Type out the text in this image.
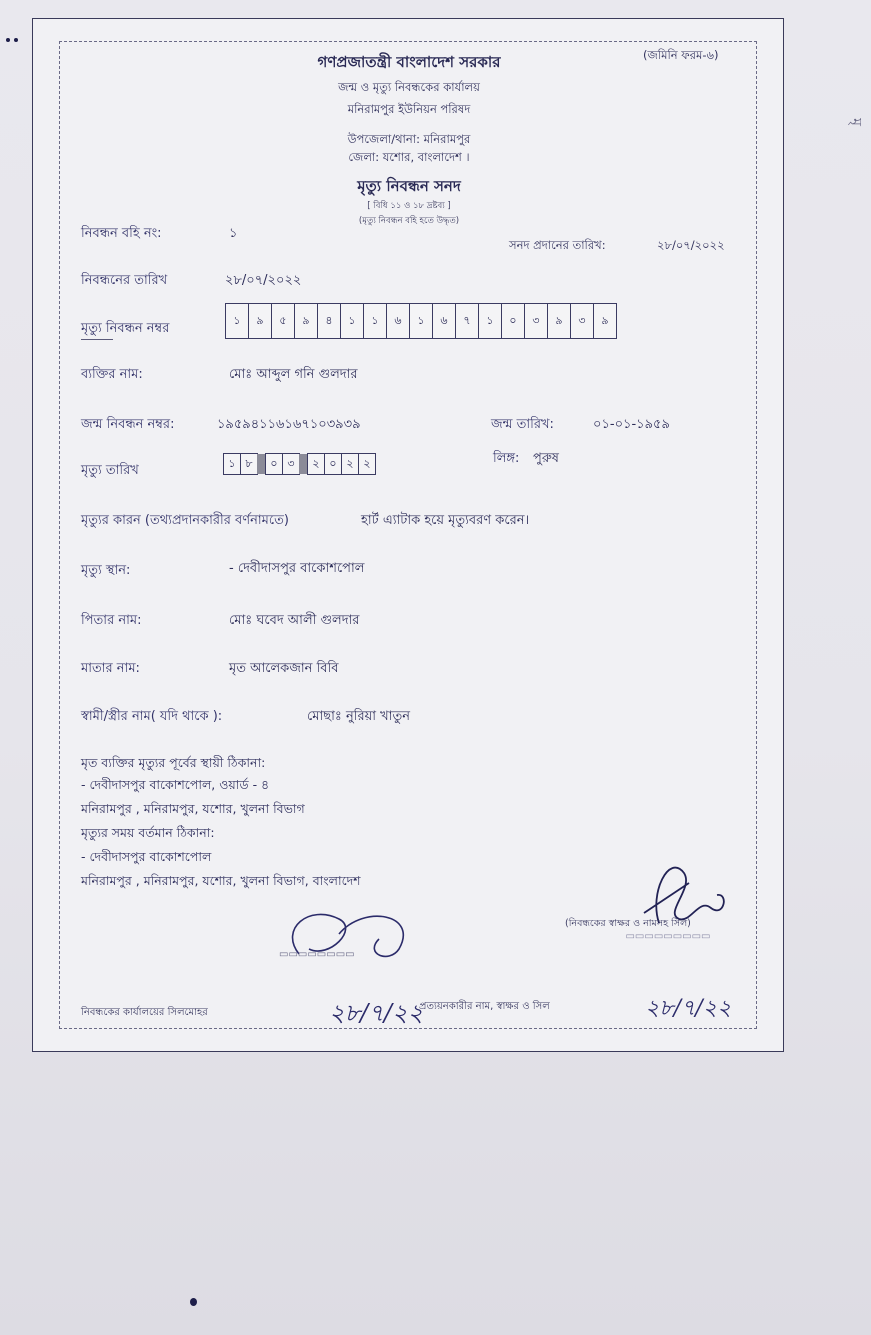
(জমিনি ফরম-৬)
গণপ্রজাতন্ত্রী বাংলাদেশ সরকার
জন্ম ও মৃত্যু নিবন্ধকের কার্যালয়
মনিরামপুর ইউনিয়ন পরিষদ
উপজেলা/থানা: মনিরামপুর
জেলা: যশোর, বাংলাদেশ ।
মৃত্যু নিবন্ধন সনদ
[ বিধি ১১ ও ১৮ দ্রষ্টব্য ]
(মৃত্যু নিবন্ধন বহি হতে উদ্ধৃত)
নিবন্ধন বহি নং:	১
সনদ প্রদানের তারিখ:	২৮/০৭/২০২২
নিবন্ধনের তারিখ	২৮/০৭/২০২২
মৃত্যু নিবন্ধন নম্বর
১	৯	৫	৯	৪	১	১	৬	১	৬	৭	১	০	৩	৯	৩	৯
ব্যক্তির নাম:	মোঃ আব্দুল গনি গুলদার
জন্ম নিবন্ধন নম্বর:	১৯৫৯৪১১৬১৬৭১০৩৯৩৯	জন্ম তারিখ:	০১-০১-১৯৫৯
মৃত্যু তারিখ	১ ৮	০ ৩	২ ০ ২ ২	লিঙ্গ: পুরুষ
মৃত্যুর কারন (তথ্যপ্রদানকারীর বর্ণনামতে)	হার্ট এ্যাটাক হয়ে মৃত্যুবরণ করেন।
মৃত্যু স্থান:	- দেবীদাসপুর বাকোশপোল
পিতার নাম:	মোঃ ঘবেদ আলী গুলদার
মাতার নাম:	মৃত আলেকজান বিবি
স্বামী/স্ত্রীর নাম( যদি থাকে ):	মোছাঃ নুরিয়া খাতুন
মৃত ব্যক্তির মৃত্যুর পূর্বের স্থায়ী ঠিকানা:
- দেবীদাসপুর বাকোশপোল, ওয়ার্ড - ৪
মনিরামপুর , মনিরামপুর, যশোর, খুলনা বিভাগ
মৃত্যুর সময় বর্তমান ঠিকানা:
- দেবীদাসপুর বাকোশপোল
মনিরামপুর , মনিরামপুর, যশোর, খুলনা বিভাগ, বাংলাদেশ
▭▭▭▭▭▭▭▭
নিবন্ধকের কার্যালয়ের সিলমোহর
প্রত্যয়নকারীর নাম, স্বাক্ষর ও সিল
২৮/৭/২২
(নিবন্ধকের স্বাক্ষর ও নামসহ সিল)
▭▭▭▭▭▭▭▭▭
২৮/৭/২২
মৃ
